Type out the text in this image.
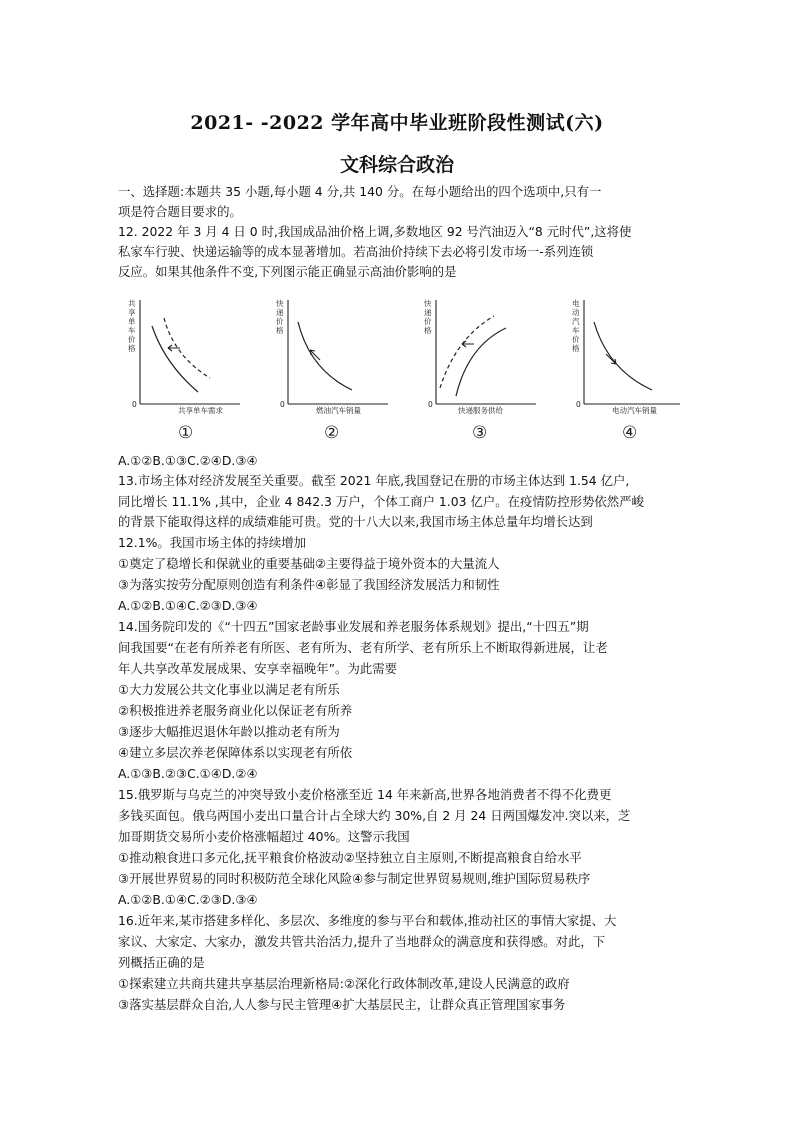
2021- -2022 学年高中毕业班阶段性测试(六)
文科综合政治
一、选择题:本题共 35 小题,每小题 4 分,共 140 分。在每小题给出的四个选项中,只有一
项是符合题目要求的。
12. 2022 年 3 月 4 日 0 时,我国成品油价格上调,多数地区 92 号汽油迈入“8 元时代”,这将使
私家车行驶、快递运输等的成本显著增加。若高油价持续下去必将引发市场一-系列连锁
反应。如果其他条件不变,下列图示能正确显示高油价影响的是
共享单车价格
0
共享单车需求
①
快递价格
0
燃油汽车销量
②
快递价格
0
快递服务供给
③
电动汽车价格
0
电动汽车销量
④
A.①②B.①③C.②④D.③④
13.市场主体对经济发展至关重要。截至 2021 年底,我国登记在册的市场主体达到 1.54 亿户,
同比增长 11.1% ,其中，企业 4 842.3 万户，个体工商户 1.03 亿户。在疫情防控形势依然严峻
的背景下能取得这样的成绩难能可贵。党的十八大以来,我国市场主体总量年均增长达到
12.1%。我国市场主体的持续增加
①奠定了稳增长和保就业的重要基础②主要得益于境外资本的大量流人
③为落实按劳分配原则创造有利条件④彰显了我国经济发展活力和韧性
A.①②B.①④C.②③D.③④
14.国务院印发的《“十四五”国家老龄事业发展和养老服务体系规划》提出,“十四五”期
间我国要“在老有所养老有所医、老有所为、老有所学、老有所乐上不断取得新进展，让老
年人共享改革发展成果、安享幸福晚年”。为此需要
①大力发展公共文化事业以满足老有所乐
②积极推进养老服务商业化以保证老有所养
③逐步大幅推迟退休年龄以推动老有所为
④建立多层次养老保障体系以实现老有所依
A.①③B.②③C.①④D.②④
15.俄罗斯与乌克兰的冲突导致小麦价格涨至近 14 年来新高,世界各地消费者不得不化费更
多钱买面包。俄乌两国小麦出口量合计占全球大约 30%,自 2 月 24 日两国爆发冲.突以来，芝
加哥期货交易所小麦价格涨幅超过 40%。这警示我国
①推动粮食进口多元化,抚平粮食价格波动②坚持独立自主原则,不断提高粮食自给水平
③开展世界贸易的同时积极防范全球化风险④参与制定世界贸易规则,维护国际贸易秩序
A.①②B.①④C.②③D.③④
16.近年来,某市搭建多样化、多层次、多维度的参与平台和载体,推动社区的事情大家提、大
家议、大家定、大家办，激发共管共治活力,提升了当地群众的满意度和获得感。对此，下
列概括正确的是
①探索建立共商共建共享基层治理新格局:②深化行政体制改革,建设人民满意的政府
③落实基层群众自治,人人参与民主管理④扩大基层民主，让群众真正管理国家事务
